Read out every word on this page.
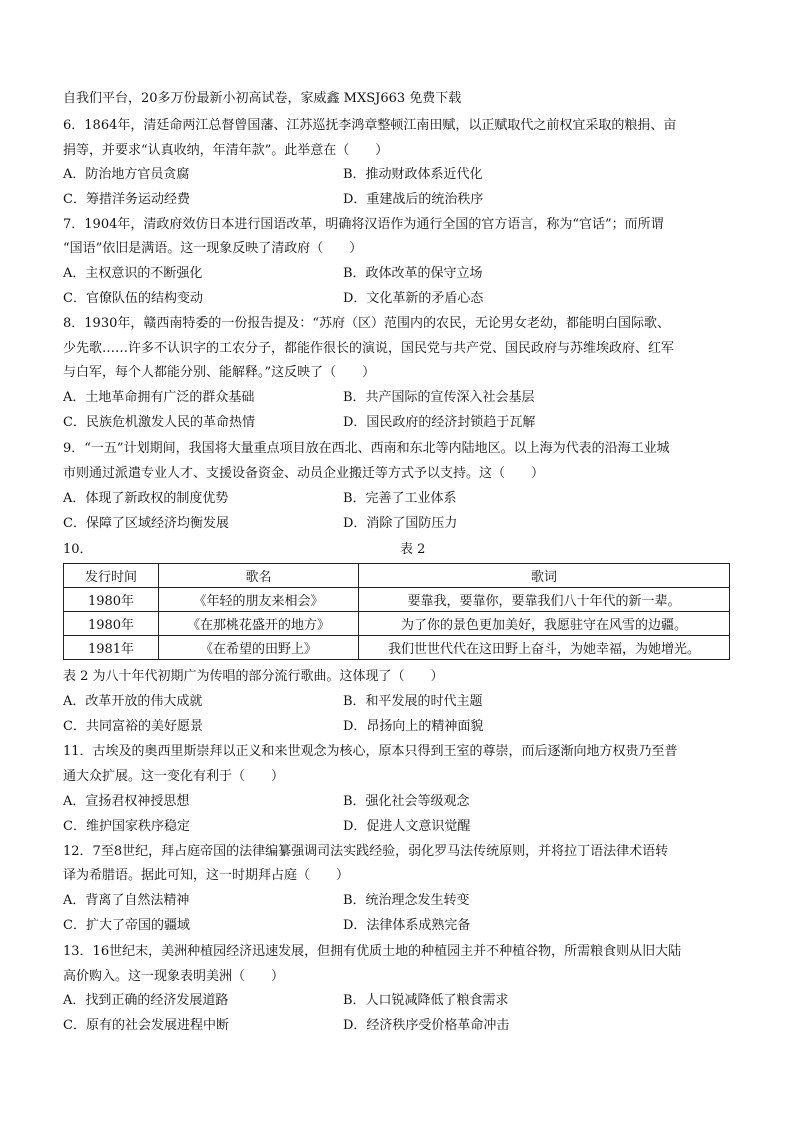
自我们平台，20多万份最新小初高试卷，家威鑫 MXSJ663 免费下载
6．1864年，清廷命两江总督曾国藩、江苏巡抚李鸿章整顿江南田赋，以正赋取代之前权宜采取的粮捐、亩
捐等，并要求“认真收纳，年清年款”。此举意在（　　）
A．防治地方官员贪腐	B．推动财政体系近代化
C．筹措洋务运动经费	D．重建战后的统治秩序
7．1904年，清政府效仿日本进行国语改革，明确将汉语作为通行全国的官方语言，称为“官话”；而所谓
“国语”依旧是满语。这一现象反映了清政府（　　）
A．主权意识的不断强化	B．政体改革的保守立场
C．官僚队伍的结构变动	D．文化革新的矛盾心态
8．1930年，赣西南特委的一份报告提及：“苏府（区）范围内的农民，无论男女老幼，都能明白国际歌、
少先歌……许多不认识字的工农分子，都能作很长的演说，国民党与共产党、国民政府与苏维埃政府、红军
与白军，每个人都能分别、能解释。”这反映了（　　）
A．土地革命拥有广泛的群众基础	B．共产国际的宣传深入社会基层
C．民族危机激发人民的革命热情	D．国民政府的经济封锁趋于瓦解
9．“一五”计划期间，我国将大量重点项目放在西北、西南和东北等内陆地区。以上海为代表的沿海工业城
市则通过派遣专业人才、支援设备资金、动员企业搬迁等方式予以支持。这（　　）
A．体现了新政权的制度优势	B．完善了工业体系
C．保障了区域经济均衡发展	D．消除了国防压力
10．	表 2
发行时间	歌名	歌词
1980年	《年轻的朋友来相会》	要靠我，要靠你，要靠我们八十年代的新一辈。
1980年	《在那桃花盛开的地方》	为了你的景色更加美好，我愿驻守在风雪的边疆。
1981年	《在希望的田野上》	我们世世代代在这田野上奋斗，为她幸福，为她增光。
表 2 为八十年代初期广为传唱的部分流行歌曲。这体现了（　　）
A．改革开放的伟大成就	B．和平发展的时代主题
C．共同富裕的美好愿景	D．昂扬向上的精神面貌
11．古埃及的奥西里斯崇拜以正义和来世观念为核心，原本只得到王室的尊崇，而后逐渐向地方权贵乃至普
通大众扩展。这一变化有利于（　　）
A．宣扬君权神授思想	B．强化社会等级观念
C．维护国家秩序稳定	D．促进人文意识觉醒
12．7至8世纪，拜占庭帝国的法律编纂强调司法实践经验，弱化罗马法传统原则，并将拉丁语法律术语转
译为希腊语。据此可知，这一时期拜占庭（　　）
A．背离了自然法精神	B．统治理念发生转变
C．扩大了帝国的疆域	D．法律体系成熟完备
13．16世纪末，美洲种植园经济迅速发展，但拥有优质土地的种植园主并不种植谷物，所需粮食则从旧大陆
高价购入。这一现象表明美洲（　　）
A．找到正确的经济发展道路	B．人口锐减降低了粮食需求
C．原有的社会发展进程中断	D．经济秩序受价格革命冲击
